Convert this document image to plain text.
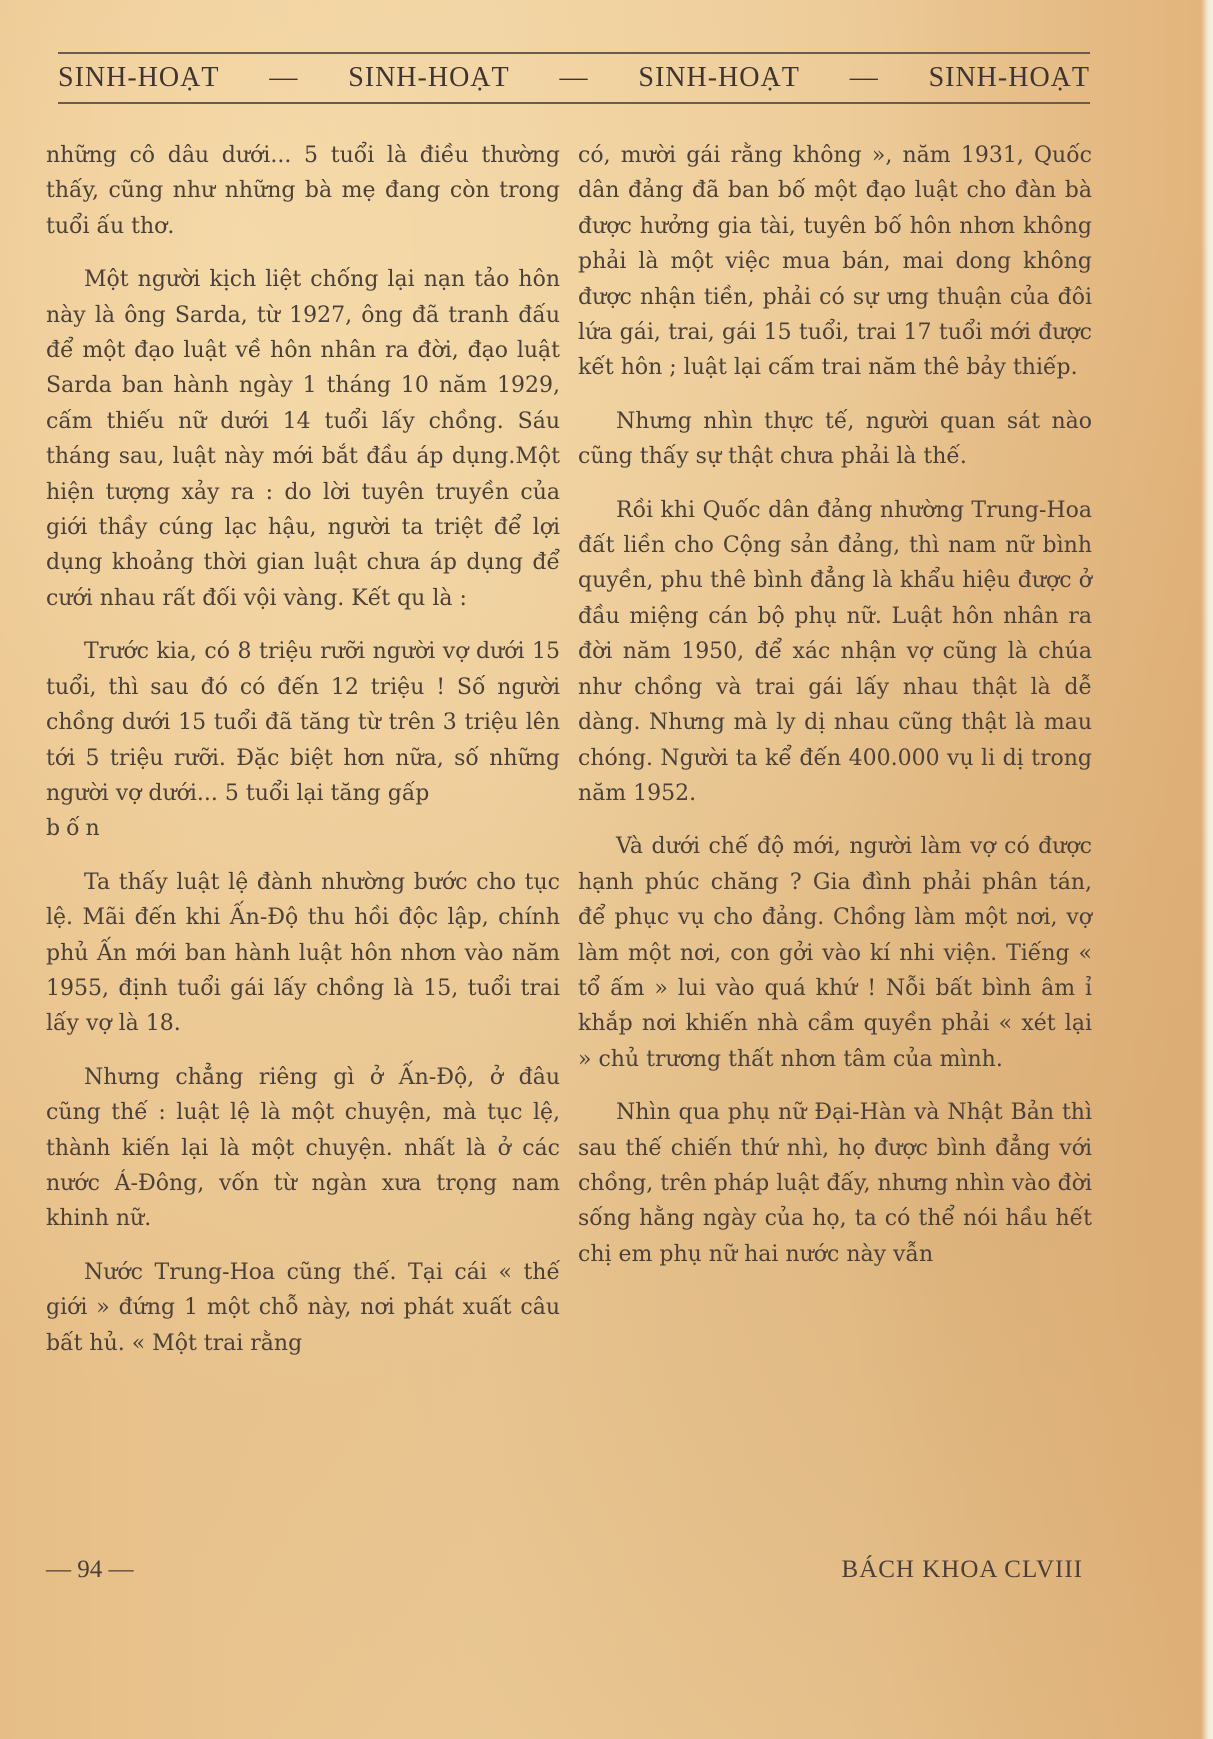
SINH-HOẠT — SINH-HOẠT — SINH-HOẠT — SINH-HOẠT

những cô dâu dưới... 5 tuổi là điều thường thấy, cũng như những bà mẹ đang còn trong tuổi ấu thơ.

Một người kịch liệt chống lại nạn tảo hôn này là ông Sarda, từ 1927, ông đã tranh đấu để một đạo luật về hôn nhân ra đời, đạo luật Sarda ban hành ngày 1 tháng 10 năm 1929, cấm thiếu nữ dưới 14 tuổi lấy chồng. Sáu tháng sau, luật này mới bắt đầu áp dụng.Một hiện tượng xảy ra : do lời tuyên truyền của giới thầy cúng lạc hậu, người ta triệt để lợi dụng khoảng thời gian luật chưa áp dụng để cưới nhau rất đối vội vàng. Kết qu là :

Trước kia, có 8 triệu rưỡi người vợ dưới 15 tuổi, thì sau đó có đến 12 triệu ! Số người chồng dưới 15 tuổi đã tăng từ trên 3 triệu lên tới 5 triệu rưỡi. Đặc biệt hơn nữa, số những người vợ dưới... 5 tuổi lại tăng gấp
bốn

Ta thấy luật lệ đành nhường bước cho tục lệ. Mãi đến khi Ấn-Độ thu hồi độc lập, chính phủ Ấn mới ban hành luật hôn nhơn vào năm 1955, định tuổi gái lấy chồng là 15, tuổi trai lấy vợ là 18.

Nhưng chẳng riêng gì ở Ấn-Độ, ở đâu cũng thế : luật lệ là một chuyện, mà tục lệ, thành kiến lại là một chuyện. nhất là ở các nước Á-Đông, vốn từ ngàn xưa trọng nam khinh nữ.

Nước Trung-Hoa cũng thế. Tại cái « thế giới » đứng 1 một chỗ này, nơi phát xuất câu bất hủ. « Một trai rằng

có, mười gái rằng không », năm 1931, Quốc dân đảng đã ban bố một đạo luật cho đàn bà được hưởng gia tài, tuyên bố hôn nhơn không phải là một việc mua bán, mai dong không được nhận tiền, phải có sự ưng thuận của đôi lứa gái, trai, gái 15 tuổi, trai 17 tuổi mới được kết hôn ; luật lại cấm trai năm thê bảy thiếp.

Nhưng nhìn thực tế, người quan sát nào cũng thấy sự thật chưa phải là thế.

Rồi khi Quốc dân đảng nhường Trung-Hoa đất liền cho Cộng sản đảng, thì nam nữ bình quyền, phu thê bình đẳng là khẩu hiệu được ở đầu miệng cán bộ phụ nữ. Luật hôn nhân ra đời năm 1950, để xác nhận vợ cũng là chúa như chồng và trai gái lấy nhau thật là dễ dàng. Nhưng mà ly dị nhau cũng thật là mau chóng. Người ta kể đến 400.000 vụ li dị trong năm 1952.

Và dưới chế độ mới, người làm vợ có được hạnh phúc chăng ? Gia đình phải phân tán, để phục vụ cho đảng. Chồng làm một nơi, vợ làm một nơi, con gởi vào kí nhi viện. Tiếng « tổ ấm » lui vào quá khứ ! Nỗi bất bình âm ỉ khắp nơi khiến nhà cầm quyền phải « xét lại » chủ trương thất nhơn tâm của mình.

Nhìn qua phụ nữ Đại-Hàn và Nhật Bản thì sau thế chiến thứ nhì, họ được bình đẳng với chồng, trên pháp luật đấy, nhưng nhìn vào đời sống hằng ngày của họ, ta có thể nói hầu hết chị em phụ nữ hai nước này vẫn

— 94 —	BÁCH KHOA CLVIII
